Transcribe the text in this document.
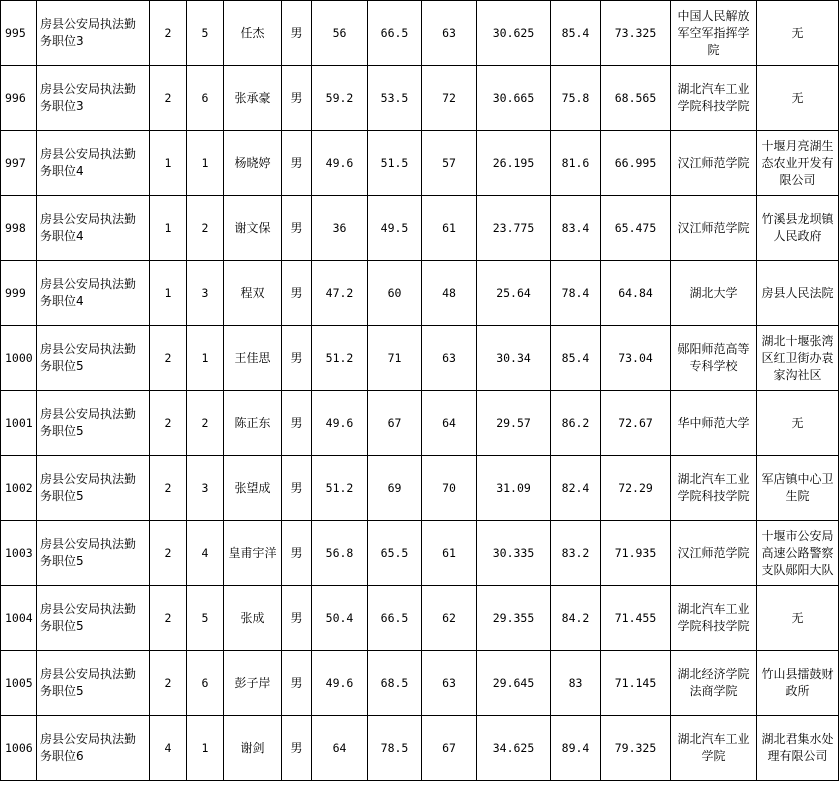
995	房县公安局执法勤务职位3	2	5	任杰	男	56	66.5	63	30.625	85.4	73.325	中国人民解放军空军指挥学院	无
996	房县公安局执法勤务职位3	2	6	张承豪	男	59.2	53.5	72	30.665	75.8	68.565	湖北汽车工业学院科技学院	无
997	房县公安局执法勤务职位4	1	1	杨晓婷	男	49.6	51.5	57	26.195	81.6	66.995	汉江师范学院	十堰月亮湖生态农业开发有限公司
998	房县公安局执法勤务职位4	1	2	谢文保	男	36	49.5	61	23.775	83.4	65.475	汉江师范学院	竹溪县龙坝镇人民政府
999	房县公安局执法勤务职位4	1	3	程双	男	47.2	60	48	25.64	78.4	64.84	湖北大学	房县人民法院
1000	房县公安局执法勤务职位5	2	1	王佳思	男	51.2	71	63	30.34	85.4	73.04	郧阳师范高等专科学校	湖北十堰张湾区红卫街办袁家沟社区
1001	房县公安局执法勤务职位5	2	2	陈正东	男	49.6	67	64	29.57	86.2	72.67	华中师范大学	无
1002	房县公安局执法勤务职位5	2	3	张望成	男	51.2	69	70	31.09	82.4	72.29	湖北汽车工业学院科技学院	军店镇中心卫生院
1003	房县公安局执法勤务职位5	2	4	皇甫宇洋	男	56.8	65.5	61	30.335	83.2	71.935	汉江师范学院	十堰市公安局高速公路警察支队郧阳大队
1004	房县公安局执法勤务职位5	2	5	张成	男	50.4	66.5	62	29.355	84.2	71.455	湖北汽车工业学院科技学院	无
1005	房县公安局执法勤务职位5	2	6	彭子岸	男	49.6	68.5	63	29.645	83	71.145	湖北经济学院法商学院	竹山县擂鼓财政所
1006	房县公安局执法勤务职位6	4	1	谢剑	男	64	78.5	67	34.625	89.4	79.325	湖北汽车工业学院	湖北君集水处理有限公司
